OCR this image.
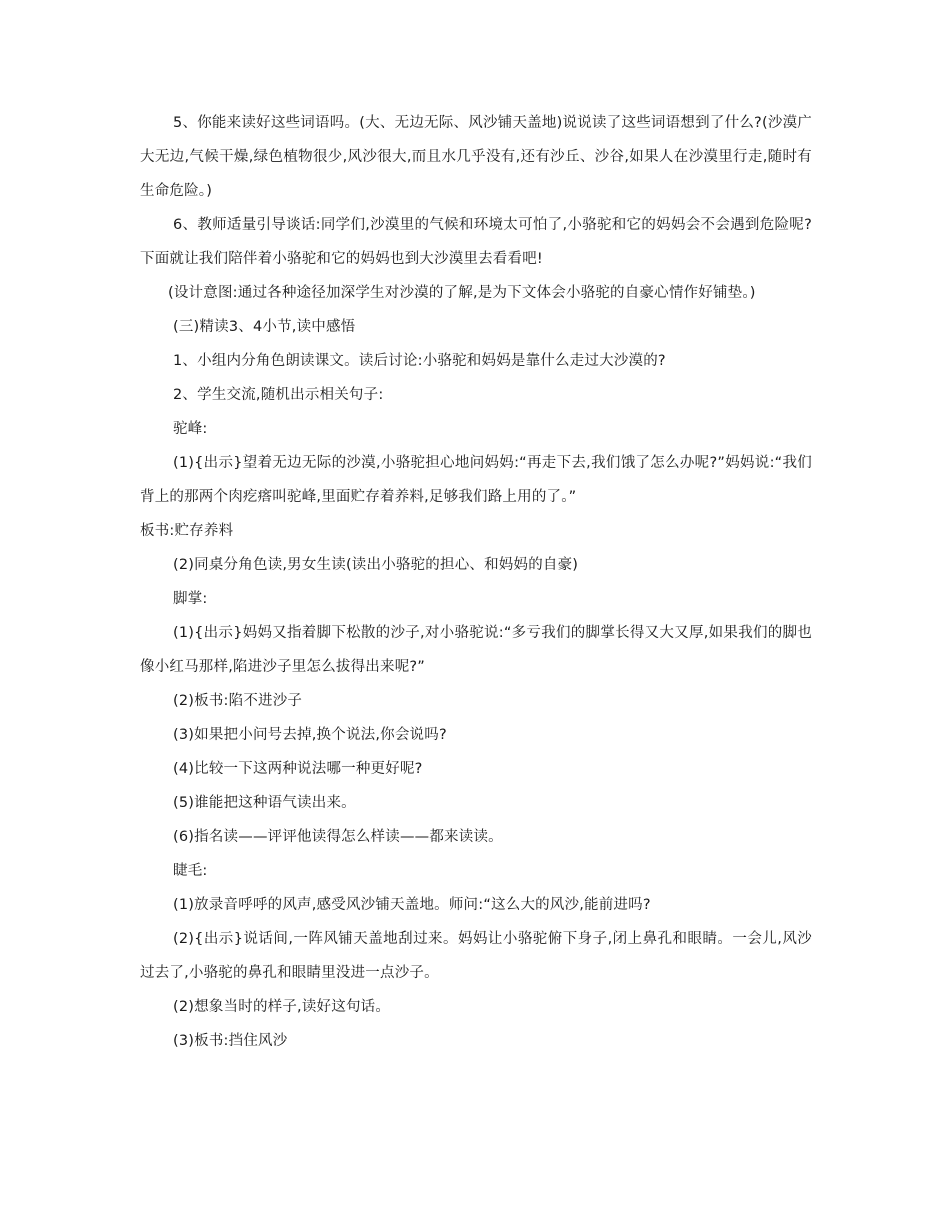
5、你能来读好这些词语吗。(大、无边无际、风沙铺天盖地)说说读了这些词语想到了什么?(沙漠广大无边,气候干燥,绿色植物很少,风沙很大,而且水几乎没有,还有沙丘、沙谷,如果人在沙漠里行走,随时有生命危险。)

6、教师适量引导谈话:同学们,沙漠里的气候和环境太可怕了,小骆驼和它的妈妈会不会遇到危险呢?下面就让我们陪伴着小骆驼和它的妈妈也到大沙漠里去看看吧!

(设计意图:通过各种途径加深学生对沙漠的了解,是为下文体会小骆驼的自豪心情作好铺垫。)

(三)精读3、4小节,读中感悟

1、小组内分角色朗读课文。读后讨论:小骆驼和妈妈是靠什么走过大沙漠的?

2、学生交流,随机出示相关句子:

驼峰:

(1){出示}望着无边无际的沙漠,小骆驼担心地问妈妈:“再走下去,我们饿了怎么办呢?”妈妈说:“我们背上的那两个肉疙瘩叫驼峰,里面贮存着养料,足够我们路上用的了。”

板书:贮存养料

(2)同桌分角色读,男女生读(读出小骆驼的担心、和妈妈的自豪)

脚掌:

(1){出示}妈妈又指着脚下松散的沙子,对小骆驼说:“多亏我们的脚掌长得又大又厚,如果我们的脚也像小红马那样,陷进沙子里怎么拔得出来呢?”

(2)板书:陷不进沙子

(3)如果把小问号去掉,换个说法,你会说吗?

(4)比较一下这两种说法哪一种更好呢?

(5)谁能把这种语气读出来。

(6)指名读——评评他读得怎么样读——都来读读。

睫毛:

(1)放录音呼呼的风声,感受风沙铺天盖地。师问:“这么大的风沙,能前进吗?

(2){出示}说话间,一阵风铺天盖地刮过来。妈妈让小骆驼俯下身子,闭上鼻孔和眼睛。一会儿,风沙过去了,小骆驼的鼻孔和眼睛里没进一点沙子。

(2)想象当时的样子,读好这句话。

(3)板书:挡住风沙
